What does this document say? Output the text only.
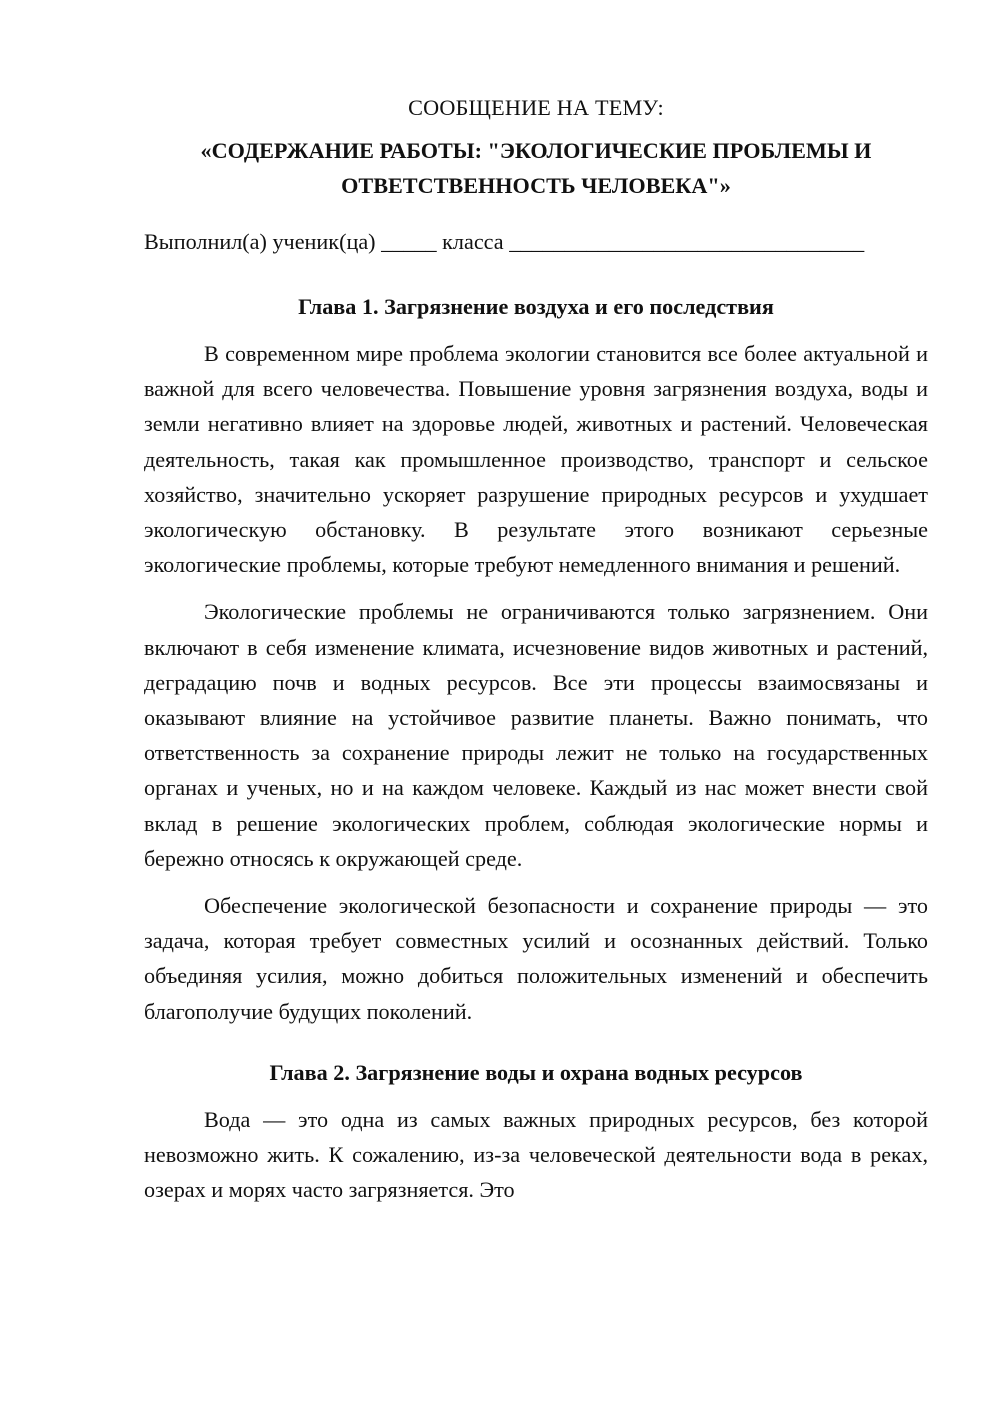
СООБЩЕНИЕ НА ТЕМУ:
«СОДЕРЖАНИЕ РАБОТЫ: "ЭКОЛОГИЧЕСКИЕ ПРОБЛЕМЫ И
ОТВЕТСТВЕННОСТЬ ЧЕЛОВЕКА"»
Выполнил(а) ученик(ца) _____ класса ________________________________
Глава 1. Загрязнение воздуха и его последствия

В современном мире проблема экологии становится все более актуальной и важной для всего человечества. Повышение уровня загрязнения воздуха, воды и земли негативно влияет на здоровье людей, животных и растений. Человеческая деятельность, такая как промышленное производство, транспорт и сельское хозяйство, значительно ускоряет разрушение природных ресурсов и ухудшает экологическую обстановку. В результате этого возникают серьезные экологические проблемы, которые требуют немедленного внимания и решений.

Экологические проблемы не ограничиваются только загрязнением. Они включают в себя изменение климата, исчезновение видов животных и растений, деградацию почв и водных ресурсов. Все эти процессы взаимосвязаны и оказывают влияние на устойчивое развитие планеты. Важно понимать, что ответственность за сохранение природы лежит не только на государственных органах и ученых, но и на каждом человеке. Каждый из нас может внести свой вклад в решение экологических проблем, соблюдая экологические нормы и бережно относясь к окружающей среде.

Обеспечение экологической безопасности и сохранение природы — это задача, которая требует совместных усилий и осознанных действий. Только объединяя усилия, можно добиться положительных изменений и обеспечить благополучие будущих поколений.

Глава 2. Загрязнение воды и охрана водных ресурсов

Вода — это одна из самых важных природных ресурсов, без которой невозможно жить. К сожалению, из-за человеческой деятельности вода в реках, озерах и морях часто загрязняется. Это
